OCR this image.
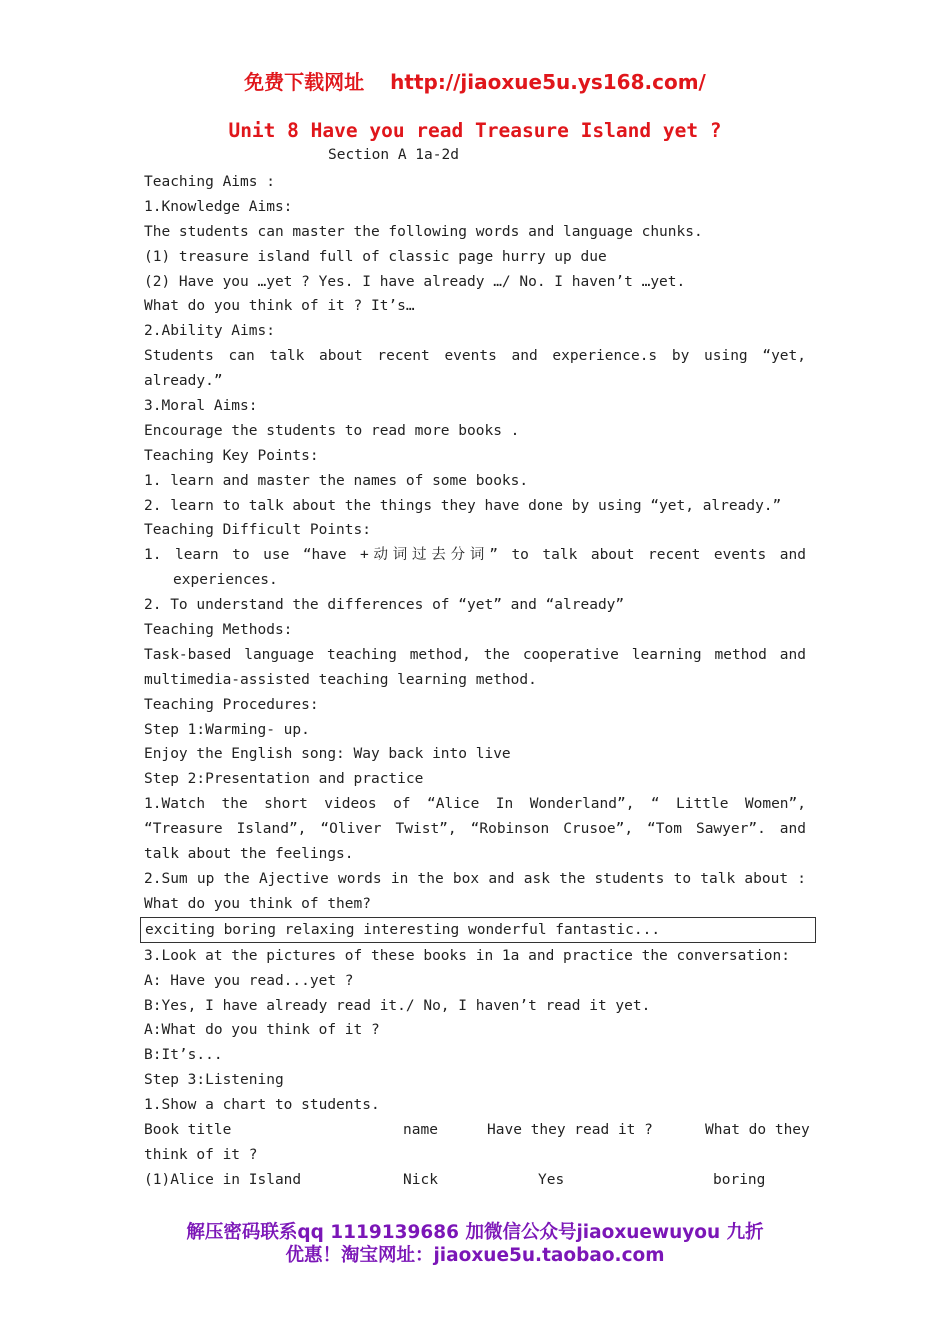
免费下载网址 http://jiaoxue5u.ys168.com/
Unit 8 Have you read Treasure Island yet ?
Section A 1a-2d
Teaching Aims :
1.Knowledge Aims:
The students can master the following words and language chunks.
(1) treasure island full of classic page hurry up due
(2) Have you …yet ? Yes. I have already …/ No. I haven’t …yet.
What do you think of it ? It’s…
2.Ability Aims:
Students can talk about recent events and experience.s by using “yet,
already.”
3.Moral Aims:
Encourage the students to read more books .
Teaching Key Points:
1. learn and master the names of some books.
2. learn to talk about the things they have done by using “yet, already.”
Teaching Difficult Points:
1. learn to use “have +动词过去分词” to talk about recent events and
experiences.
2. To understand the differences of “yet” and “already”
Teaching Methods:
Task-based language teaching method, the cooperative learning method and
multimedia-assisted teaching learning method.
Teaching Procedures:
Step 1:Warming- up.
Enjoy the English song: Way back into live
Step 2:Presentation and practice
1.Watch the short videos of “Alice In Wonderland”, “ Little Women”,
“Treasure Island”, “Oliver Twist”, “Robinson Crusoe”, “Tom Sawyer”. and
talk about the feelings.
2.Sum up the Ajective words in the box and ask the students to talk about :
What do you think of them?
exciting boring relaxing interesting wonderful fantastic...
3.Look at the pictures of these books in 1a and practice the conversation:
A: Have you read...yet ?
B:Yes, I have already read it./ No, I haven’t read it yet.
A:What do you think of it ?
B:It’s...
Step 3:Listening
1.Show a chart to students.
Book title	name	Have they read it ?	What do they
think of it ?
(1)Alice in Island	Nick	Yes	boring
解压密码联系qq 1119139686 加微信公众号jiaoxuewuyou 九折
优惠！淘宝网址：jiaoxue5u.taobao.com
